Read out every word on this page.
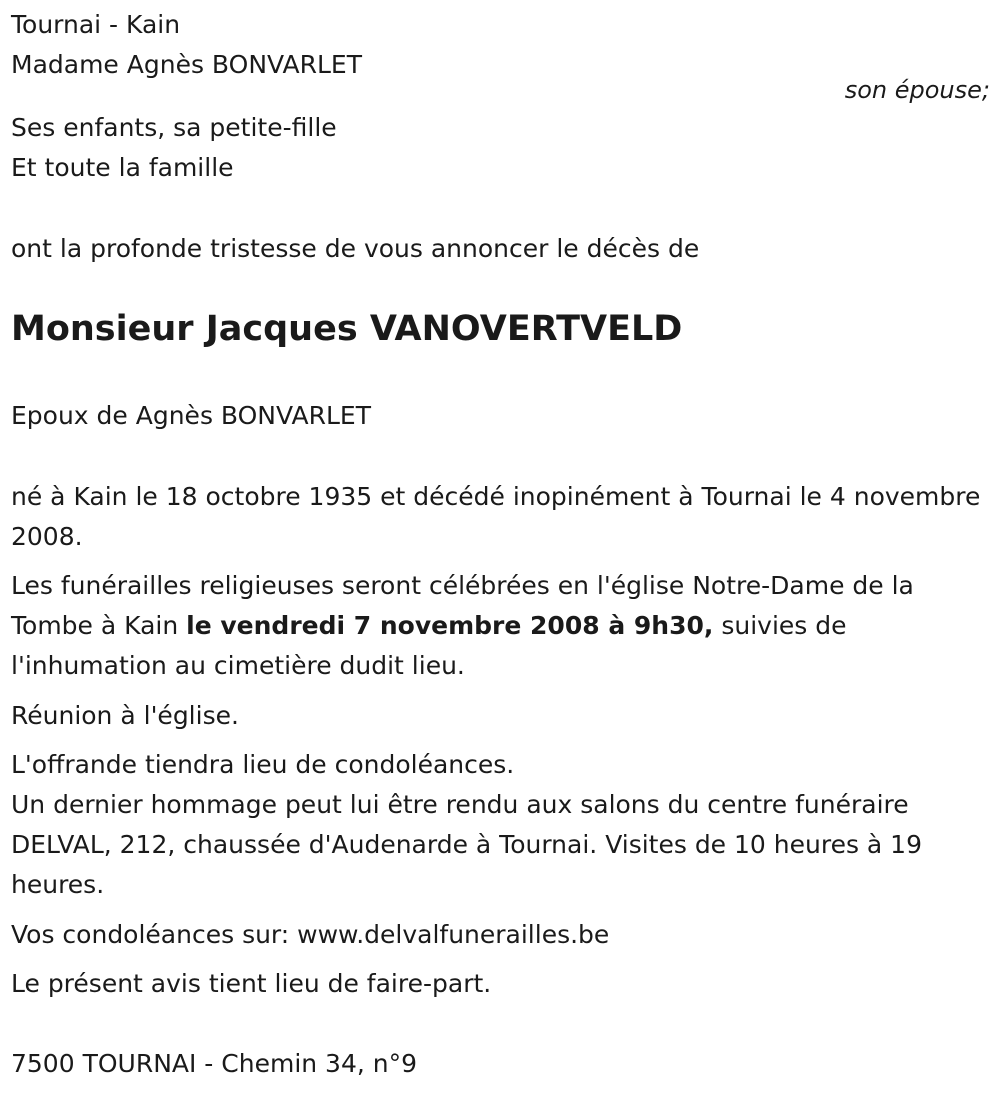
Tournai - Kain
Madame Agnès BONVARLET
son épouse;
Ses enfants, sa petite-fille
Et toute la famille
ont la profonde tristesse de vous annoncer le décès de
Monsieur Jacques VANOVERTVELD
Epoux de Agnès BONVARLET
né à Kain le 18 octobre 1935 et décédé inopinément à Tournai le 4 novembre 2008.
Les funérailles religieuses seront célébrées en l'église Notre-Dame de la Tombe à Kain le vendredi 7 novembre 2008 à 9h30, suivies de l'inhumation au cimetière dudit lieu.
Réunion à l'église.
L'offrande tiendra lieu de condoléances.
Un dernier hommage peut lui être rendu aux salons du centre funéraire DELVAL, 212, chaussée d'Audenarde à Tournai. Visites de 10 heures à 19 heures.
Vos condoléances sur: www.delvalfunerailles.be
Le présent avis tient lieu de faire-part.
7500 TOURNAI - Chemin 34, n°9
